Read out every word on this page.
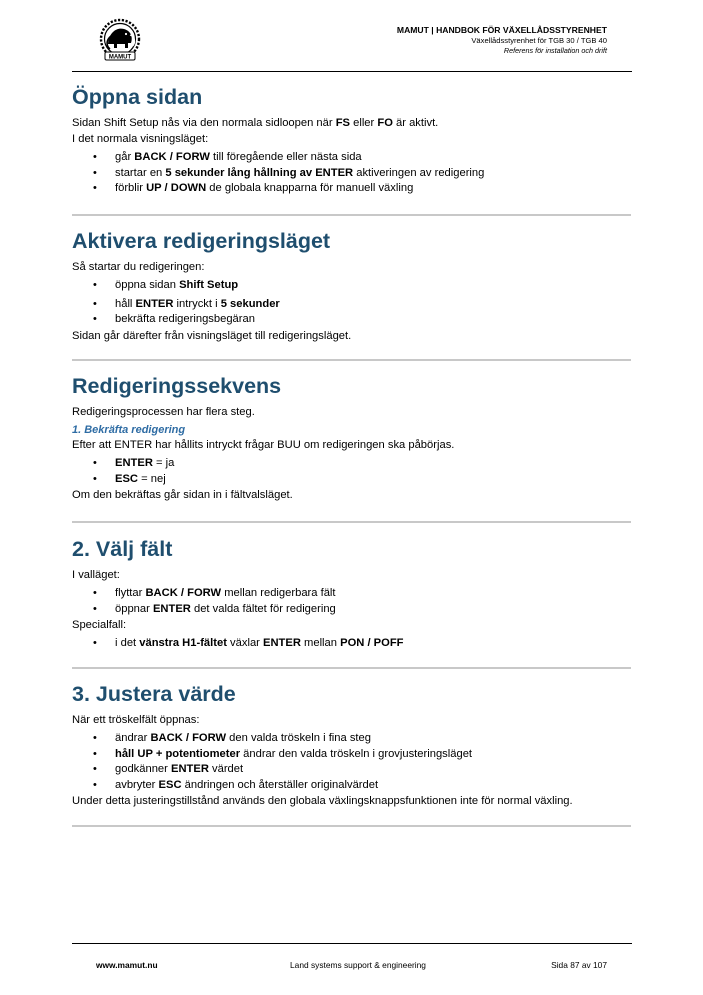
MAMUT
MAMUT | HANDBOK FÖR VÄXELLÅDSSTYRENHET
Växellådsstyrenhet för TGB 30 / TGB 40
Referens för installation och drift
Öppna sidan
Sidan Shift Setup nås via den normala sidloopen när FS eller FO är aktivt.
I det normala visningsläget:
• går BACK / FORW till föregående eller nästa sida
• startar en 5 sekunder lång hållning av ENTER aktiveringen av redigering
• förblir UP / DOWN de globala knapparna för manuell växling
Aktivera redigeringsläget
Så startar du redigeringen:
• öppna sidan Shift Setup
• håll ENTER intryckt i 5 sekunder
• bekräfta redigeringsbegäran
Sidan går därefter från visningsläget till redigeringsläget.
Redigeringssekvens
Redigeringsprocessen har flera steg.
1. Bekräfta redigering
Efter att ENTER har hållits intryckt frågar BUU om redigeringen ska påbörjas.
• ENTER = ja
• ESC = nej
Om den bekräftas går sidan in i fältvalsläget.
2. Välj fält
I valläget:
• flyttar BACK / FORW mellan redigerbara fält
• öppnar ENTER det valda fältet för redigering
Specialfall:
• i det vänstra H1-fältet växlar ENTER mellan PON / POFF
3. Justera värde
När ett tröskelfält öppnas:
• ändrar BACK / FORW den valda tröskeln i fina steg
• håll UP + potentiometer ändrar den valda tröskeln i grovjusteringsläget
• godkänner ENTER värdet
• avbryter ESC ändringen och återställer originalvärdet
Under detta justeringstillstånd används den globala växlingsknappsfunktionen inte för normal växling.
www.mamut.nu	Land systems support & engineering	Sida 87 av 107
